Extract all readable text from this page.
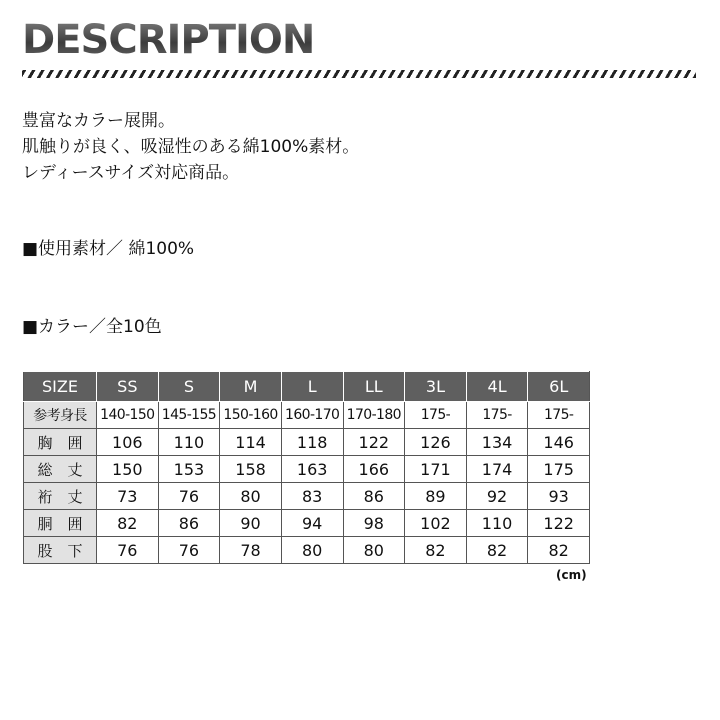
DESCRIPTION
豊富なカラー展開。
肌触りが良く、吸湿性のある綿100%素材。
レディースサイズ対応商品。
■使用素材／ 綿100%
■カラー／全10色
SIZE	SS	S	M	L	LL	3L	4L	6L
参考身長	140-150	145-155	150-160	160-170	170-180	175-	175-	175-
胸　囲	106	110	114	118	122	126	134	146
総　丈	150	153	158	163	166	171	174	175
裄　丈	73	76	80	83	86	89	92	93
胴　囲	82	86	90	94	98	102	110	122
股　下	76	76	78	80	80	82	82	82
(cm)
